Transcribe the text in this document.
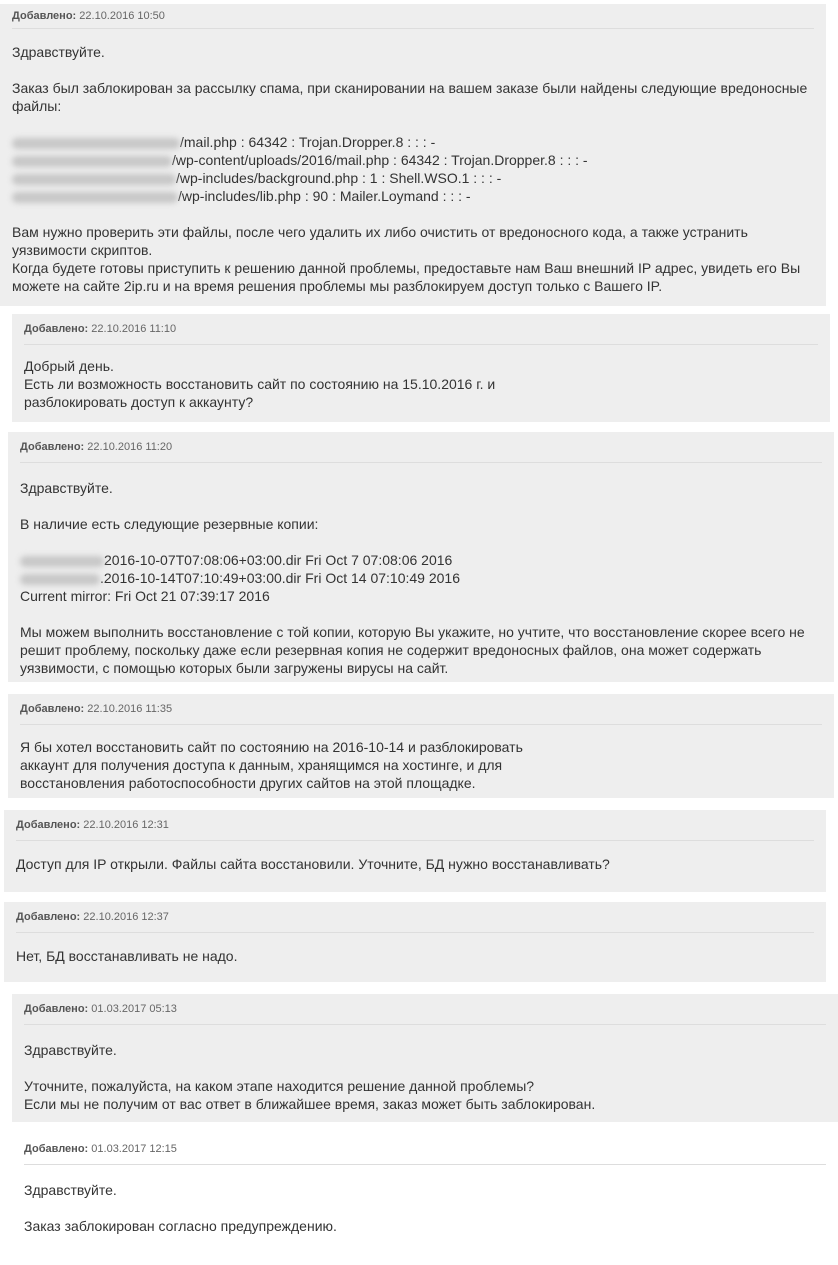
Добавлено: 22.10.2016 10:50

Здравствуйте.

Заказ был заблокирован за рассылку спама, при сканировании на вашем заказе были найдены следующие вредоносные файлы:

/mail.php : 64342 : Trojan.Dropper.8 : : : -
/wp-content/uploads/2016/mail.php : 64342 : Trojan.Dropper.8 : : : -
/wp-includes/background.php : 1 : Shell.WSO.1 : : : -
/wp-includes/lib.php : 90 : Mailer.Loymand : : : -

Вам нужно проверить эти файлы, после чего удалить их либо очистить от вредоносного кода, а также устранить уязвимости скриптов.

Когда будете готовы приступить к решению данной проблемы, предоставьте нам Ваш внешний IP адрес, увидеть его Вы можете на сайте 2ip.ru и на время решения проблемы мы разблокируем доступ только с Вашего IP.

Добавлено: 22.10.2016 11:10

Добрый день.

Есть ли возможность восстановить сайт по состоянию на 15.10.2016 г. и

разблокировать доступ к аккаунту?

Добавлено: 22.10.2016 11:20

Здравствуйте.

В наличие есть следующие резервные копии:

2016-10-07T07:08:06+03:00.dir Fri Oct 7 07:08:06 2016
.2016-10-14T07:10:49+03:00.dir Fri Oct 14 07:10:49 2016
Current mirror: Fri Oct 21 07:39:17 2016

Мы можем выполнить восстановление с той копии, которую Вы укажите, но учтите, что восстановление скорее всего не решит проблему, поскольку даже если резервная копия не содержит вредоносных файлов, она может содержать уязвимости, с помощью которых были загружены вирусы на сайт.

Добавлено: 22.10.2016 11:35

Я бы хотел восстановить сайт по состоянию на 2016-10-14 и разблокировать

аккаунт для получения доступа к данным, хранящимся на хостинге, и для

восстановления работоспособности других сайтов на этой площадке.

Добавлено: 22.10.2016 12:31

Доступ для IP открыли. Файлы сайта восстановили. Уточните, БД нужно восстанавливать?

Добавлено: 22.10.2016 12:37

Нет, БД восстанавливать не надо.

Добавлено: 01.03.2017 05:13

Здравствуйте.

Уточните, пожалуйста, на каком этапе находится решение данной проблемы?

Если мы не получим от вас ответ в ближайшее время, заказ может быть заблокирован.

Добавлено: 01.03.2017 12:15

Здравствуйте.

Заказ заблокирован согласно предупреждению.
